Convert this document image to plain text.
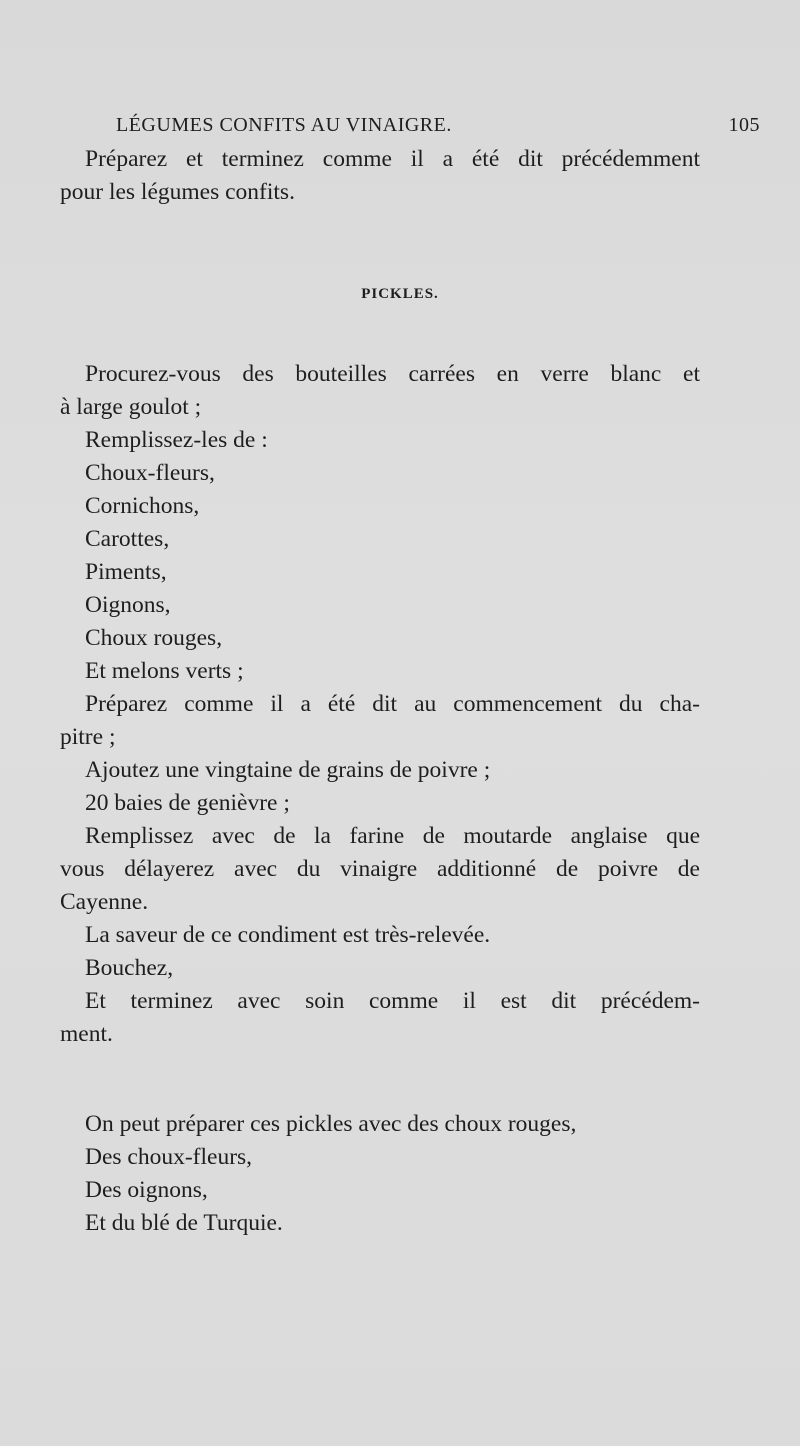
LÉGUMES CONFITS AU VINAIGRE.	105
Préparez et terminez comme il a été dit précédemment
pour les légumes confits.
PICKLES.
Procurez-vous des bouteilles carrées en verre blanc et
à large goulot ;
Remplissez-les de :
Choux-fleurs,
Cornichons,
Carottes,
Piments,
Oignons,
Choux rouges,
Et melons verts ;
Préparez comme il a été dit au commencement du cha-
pitre ;
Ajoutez une vingtaine de grains de poivre ;
20 baies de genièvre ;
Remplissez avec de la farine de moutarde anglaise que
vous délayerez avec du vinaigre additionné de poivre de
Cayenne.
La saveur de ce condiment est très-relevée.
Bouchez,
Et terminez avec soin comme il est dit précédem-
ment.
On peut préparer ces pickles avec des choux rouges,
Des choux-fleurs,
Des oignons,
Et du blé de Turquie.
